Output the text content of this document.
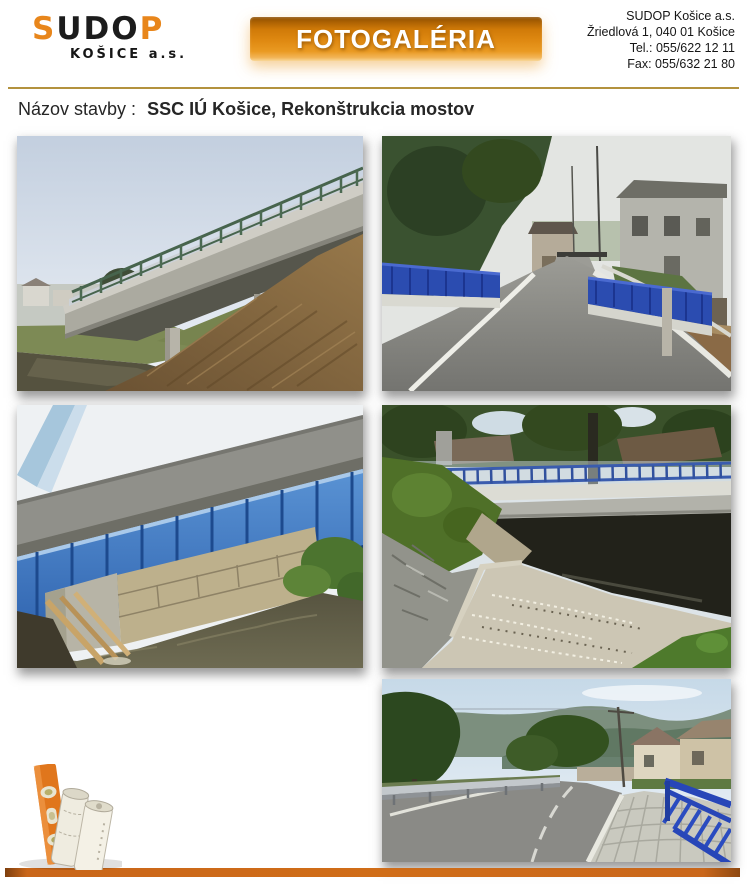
SUDOP
KOŠICE a.s.
FOTOGALÉRIA
SUDOP Košice a.s.
Žriedlová 1, 040 01 Košice
Tel.: 055/622 12 11
Fax: 055/632 21 80
Názov stavby : SSC IÚ Košice, Rekonštrukcia mostov
